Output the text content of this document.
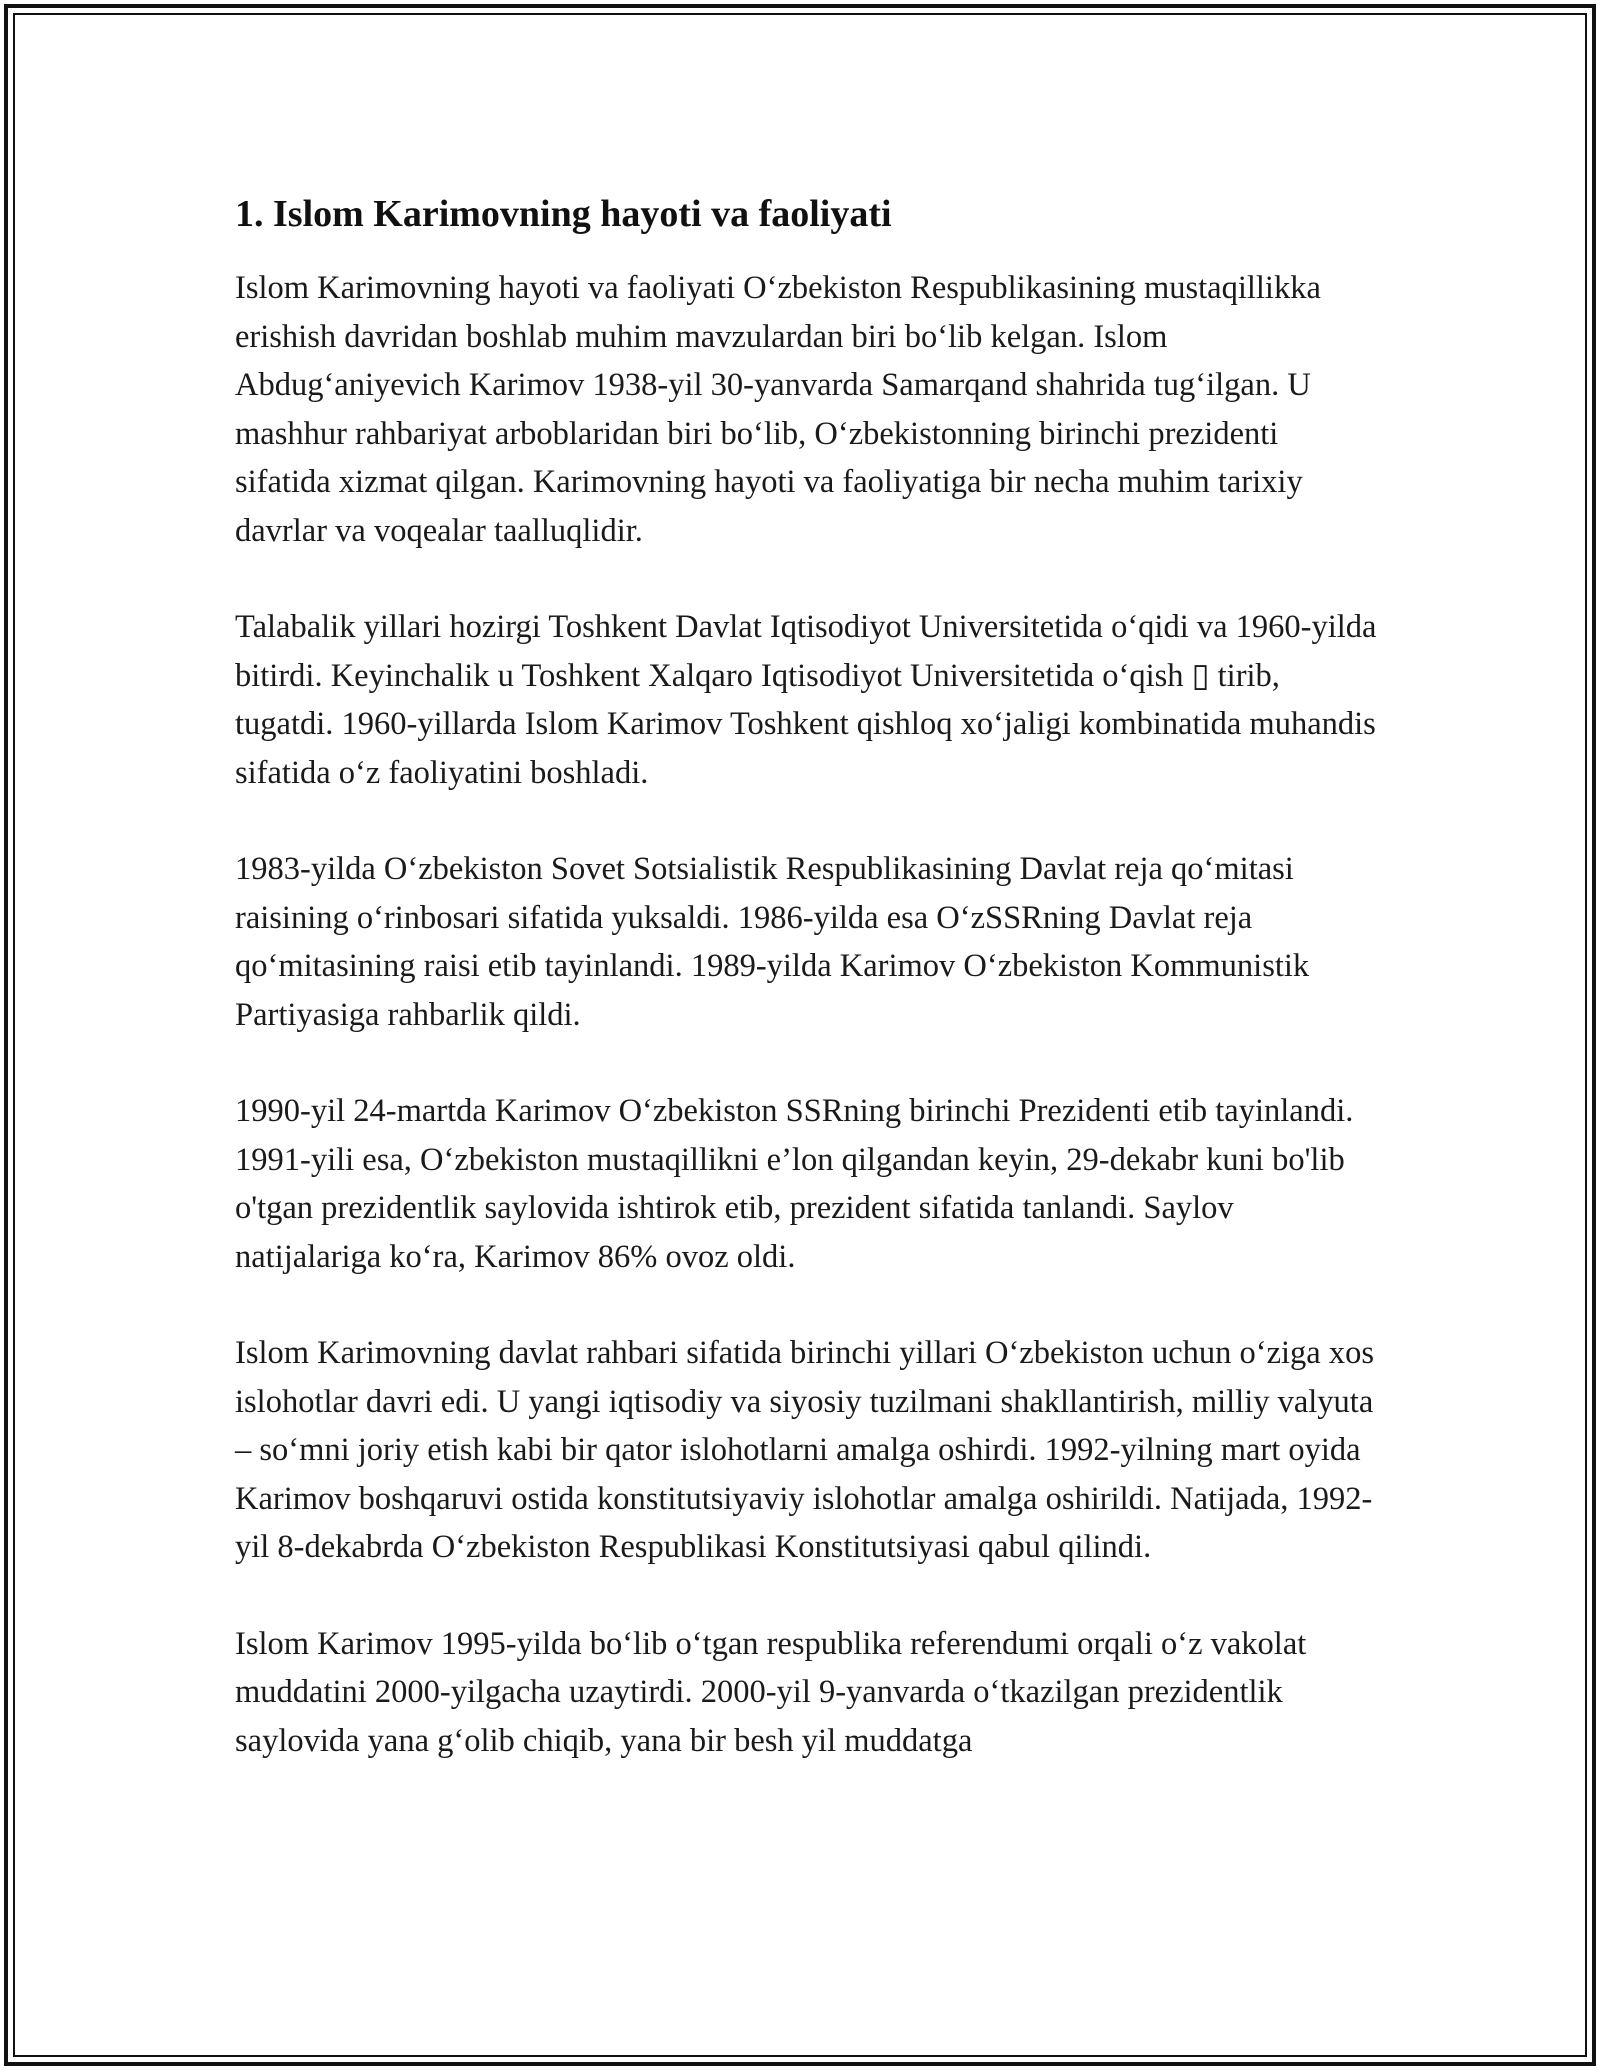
1. Islom Karimovning hayoti va faoliyati

Islom Karimovning hayoti va faoliyati O‘zbekiston Respublikasining mustaqillikka erishish davridan boshlab muhim mavzulardan biri bo‘lib kelgan. Islom Abdug‘aniyevich Karimov 1938-yil 30-yanvarda Samarqand shahrida tug‘ilgan. U mashhur rahbariyat arboblaridan biri bo‘lib, O‘zbekistonning birinchi prezidenti sifatida xizmat qilgan. Karimovning hayoti va faoliyatiga bir necha muhim tarixiy davrlar va voqealar taalluqlidir.

Talabalik yillari hozirgi Toshkent Davlat Iqtisodiyot Universitetida o‘qidi va 1960-yilda bitirdi. Keyinchalik u Toshkent Xalqaro Iqtisodiyot Universitetida o‘qish ▯ tirib, tugatdi. 1960-yillarda Islom Karimov Toshkent qishloq xo‘jaligi kombinatida muhandis sifatida o‘z faoliyatini boshladi.

1983-yilda O‘zbekiston Sovet Sotsialistik Respublikasining Davlat reja qo‘mitasi raisining o‘rinbosari sifatida yuksaldi. 1986-yilda esa O‘zSSRning Davlat reja qo‘mitasining raisi etib tayinlandi. 1989-yilda Karimov O‘zbekiston Kommunistik Partiyasiga rahbarlik qildi.

1990-yil 24-martda Karimov O‘zbekiston SSRning birinchi Prezidenti etib tayinlandi. 1991-yili esa, O‘zbekiston mustaqillikni e’lon qilgandan keyin, 29-dekabr kuni bo'lib o'tgan prezidentlik saylovida ishtirok etib, prezident sifatida tanlandi. Saylov natijalariga ko‘ra, Karimov 86% ovoz oldi.

Islom Karimovning davlat rahbari sifatida birinchi yillari O‘zbekiston uchun o‘ziga xos islohotlar davri edi. U yangi iqtisodiy va siyosiy tuzilmani shakllantirish, milliy valyuta – so‘mni joriy etish kabi bir qator islohotlarni amalga oshirdi. 1992-yilning mart oyida Karimov boshqaruvi ostida konstitutsiyaviy islohotlar amalga oshirildi. Natijada, 1992-yil 8-dekabrda O‘zbekiston Respublikasi Konstitutsiyasi qabul qilindi.

Islom Karimov 1995-yilda bo‘lib o‘tgan respublika referendumi orqali o‘z vakolat muddatini 2000-yilgacha uzaytirdi. 2000-yil 9-yanvarda o‘tkazilgan prezidentlik saylovida yana g‘olib chiqib, yana bir besh yil muddatga
